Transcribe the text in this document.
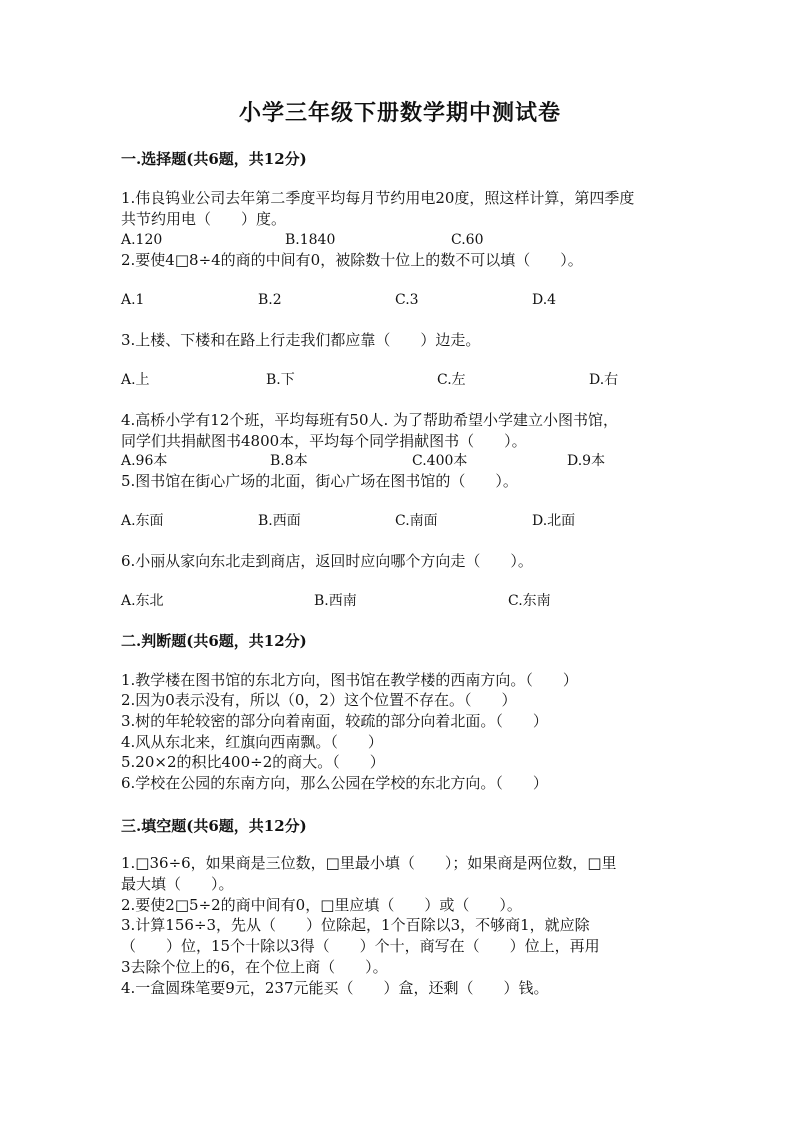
小学三年级下册数学期中测试卷
一.选择题(共6题，共12分)
1.伟良钨业公司去年第二季度平均每月节约用电20度，照这样计算，第四季度
共节约用电（　　）度。
A.120	B.1840	C.60
2.要使4□8÷4的商的中间有0，被除数十位上的数不可以填（　　）。
A.1	B.2	C.3	D.4
3.上楼、下楼和在路上行走我们都应靠（　　）边走。
A.上	B.下	C.左	D.右
4.高桥小学有12个班，平均每班有50人. 为了帮助希望小学建立小图书馆，
同学们共捐献图书4800本，平均每个同学捐献图书（　　）。
A.96本	B.8本	C.400本	D.9本
5.图书馆在街心广场的北面，街心广场在图书馆的（　　）。
A.东面	B.西面	C.南面	D.北面
6.小丽从家向东北走到商店，返回时应向哪个方向走（　　）。
A.东北	B.西南	C.东南
二.判断题(共6题，共12分)
1.教学楼在图书馆的东北方向，图书馆在教学楼的西南方向。（　　）
2.因为0表示没有，所以（0，2）这个位置不存在。（　　）
3.树的年轮较密的部分向着南面，较疏的部分向着北面。（　　）
4.风从东北来，红旗向西南飘。（　　）
5.20×2的积比400÷2的商大。（　　）
6.学校在公园的东南方向，那么公园在学校的东北方向。（　　）
三.填空题(共6题，共12分)
1.□36÷6，如果商是三位数，□里最小填（　　）；如果商是两位数，□里
最大填（　　）。
2.要使2□5÷2的商中间有0，□里应填（　　）或（　　）。
3.计算156÷3，先从（　　）位除起，1个百除以3，不够商1，就应除
（　　）位，15个十除以3得（　　）个十，商写在（　　）位上，再用
3去除个位上的6，在个位上商（　　）。
4.一盒圆珠笔要9元，237元能买（　　）盒，还剩（　　）钱。
